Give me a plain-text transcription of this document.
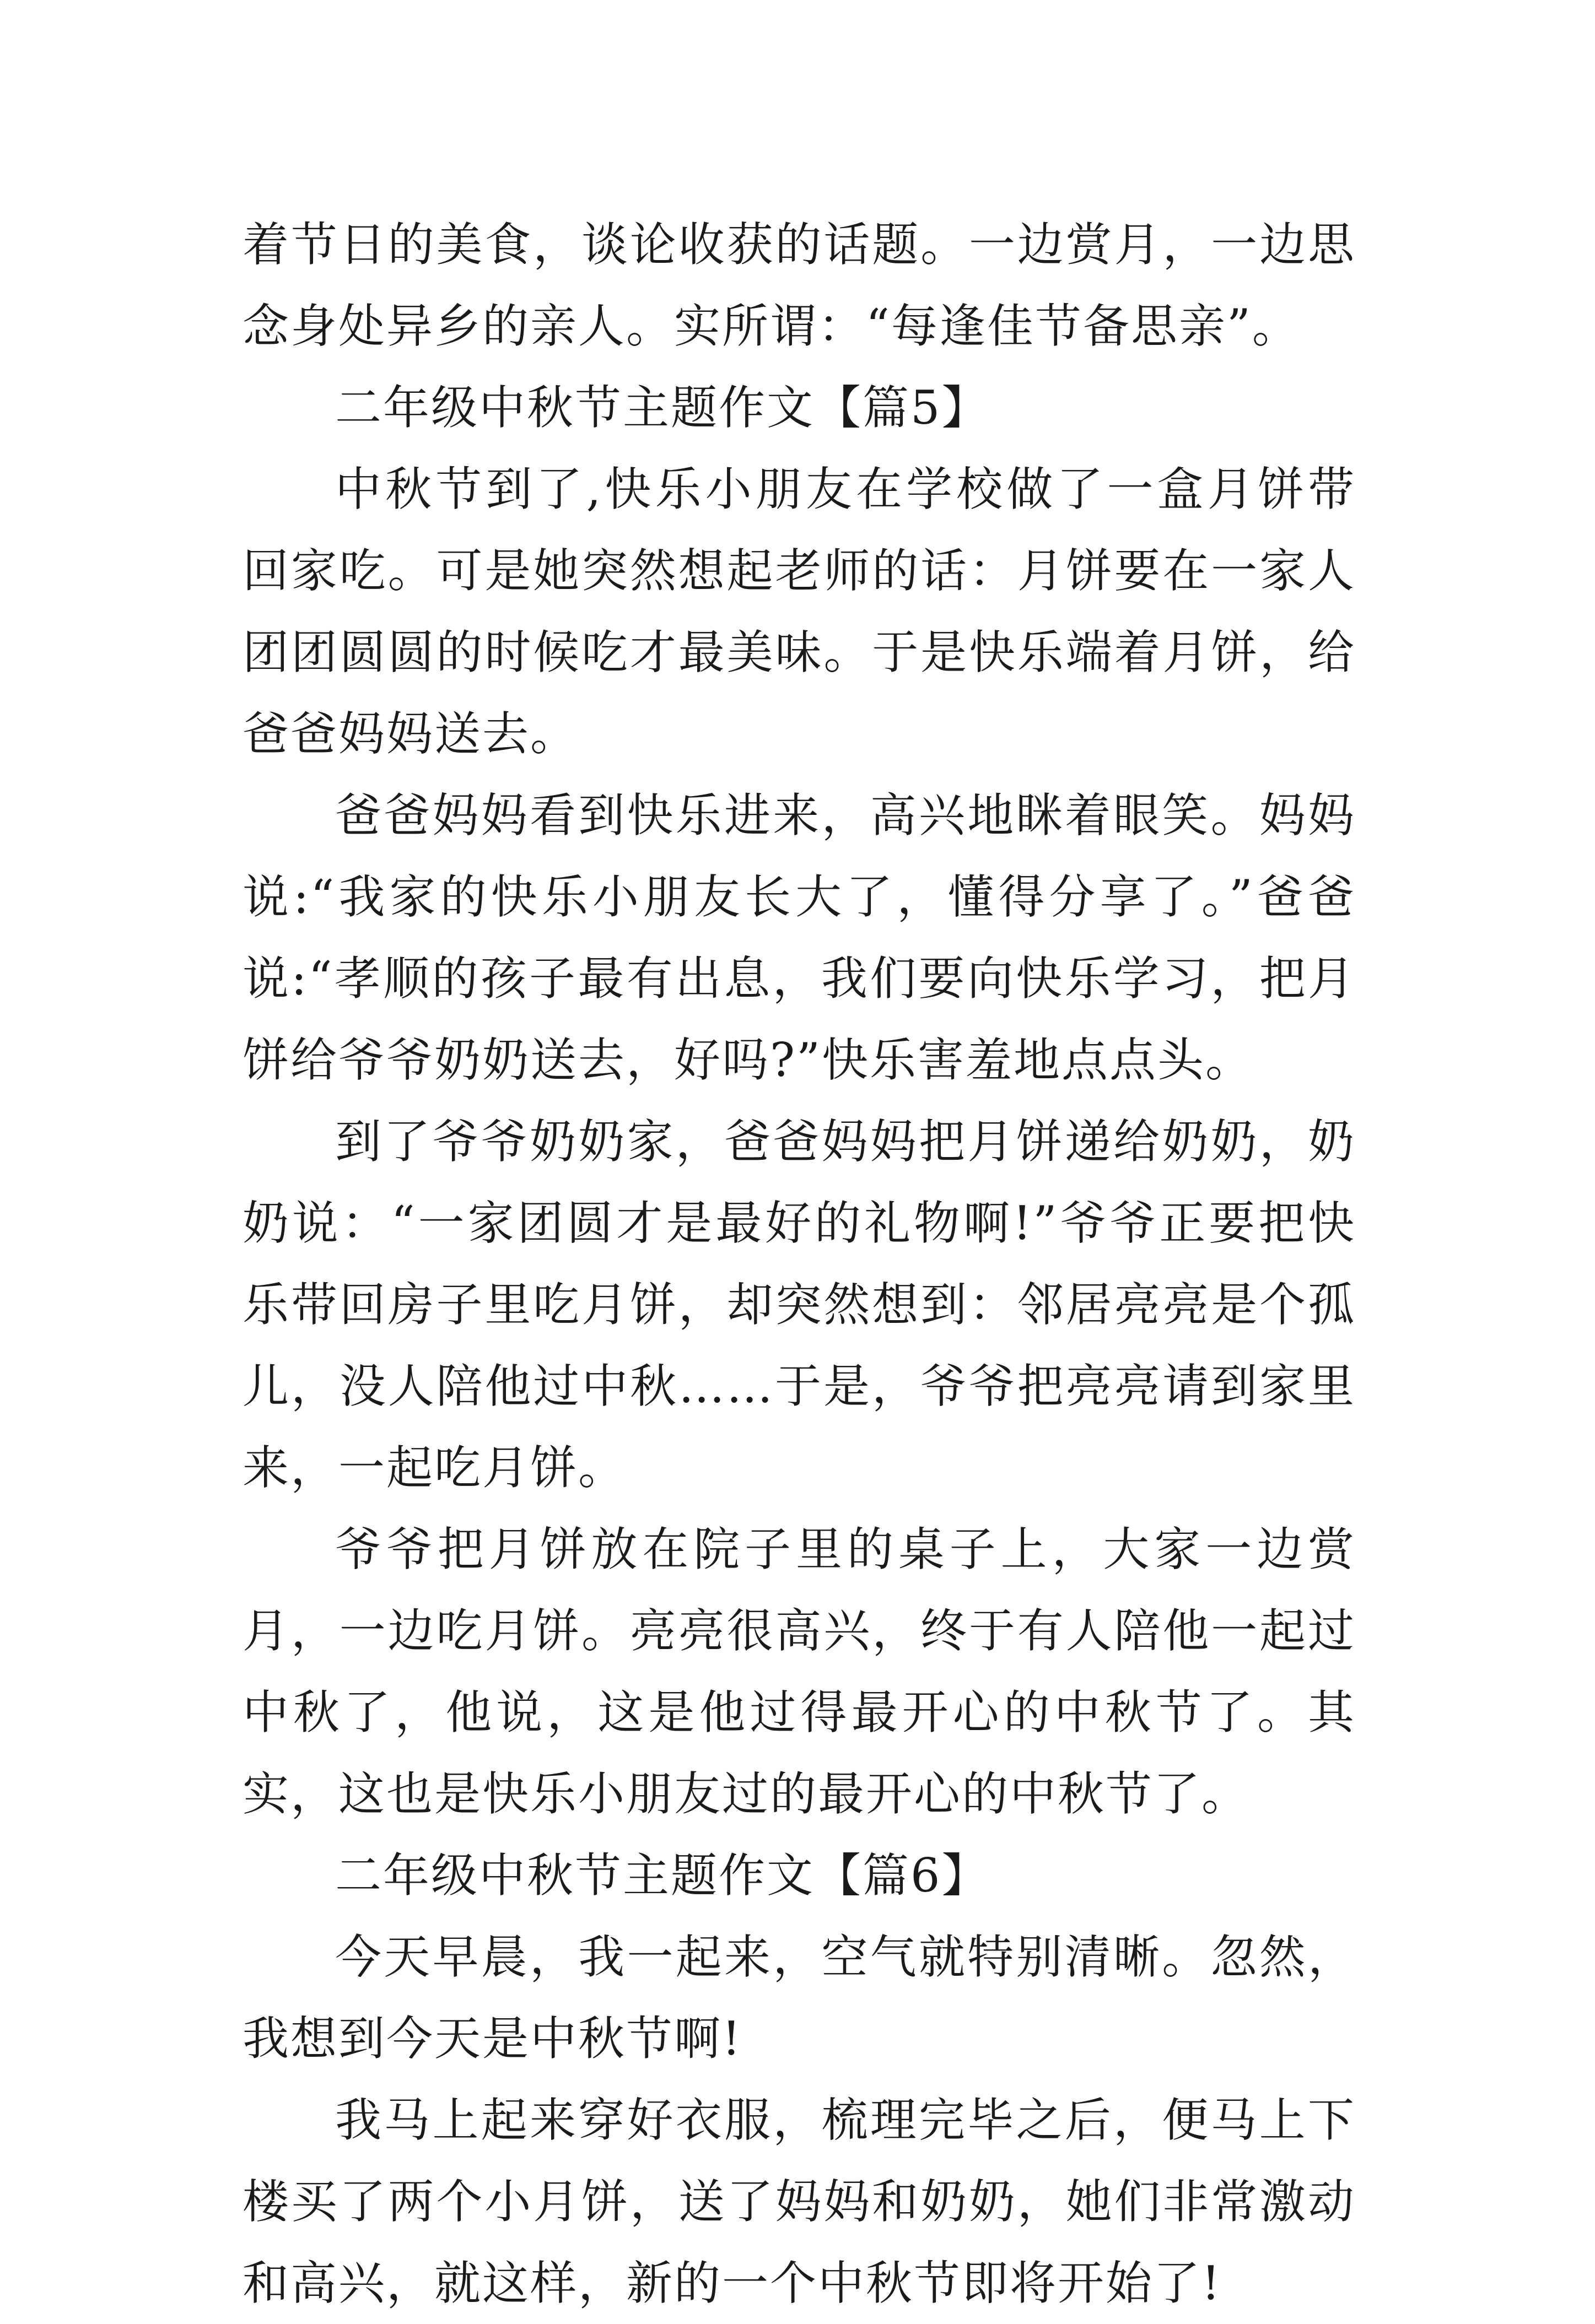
着节日的美食，谈论收获的话题。一边赏月，一边思念身处异乡的亲人。实所谓：“每逢佳节备思亲”。

二年级中秋节主题作文【篇5】

中秋节到了,快乐小朋友在学校做了一盒月饼带回家吃。可是她突然想起老师的话：月饼要在一家人团团圆圆的时候吃才最美味。于是快乐端着月饼，给爸爸妈妈送去。

爸爸妈妈看到快乐进来，高兴地眯着眼笑。妈妈说:“我家的快乐小朋友长大了，懂得分享了。”爸爸说:“孝顺的孩子最有出息，我们要向快乐学习，把月饼给爷爷奶奶送去，好吗?”快乐害羞地点点头。

到了爷爷奶奶家，爸爸妈妈把月饼递给奶奶，奶奶说：“一家团圆才是最好的礼物啊!”爷爷正要把快乐带回房子里吃月饼，却突然想到：邻居亮亮是个孤儿，没人陪他过中秋……于是，爷爷把亮亮请到家里来，一起吃月饼。

爷爷把月饼放在院子里的桌子上，大家一边赏月，一边吃月饼。亮亮很高兴，终于有人陪他一起过中秋了，他说，这是他过得最开心的中秋节了。其实，这也是快乐小朋友过的最开心的中秋节了。

二年级中秋节主题作文【篇6】

今天早晨，我一起来，空气就特别清晰。忽然，我想到今天是中秋节啊!

我马上起来穿好衣服，梳理完毕之后，便马上下楼买了两个小月饼，送了妈妈和奶奶，她们非常激动和高兴，就这样，新的一个中秋节即将开始了!
